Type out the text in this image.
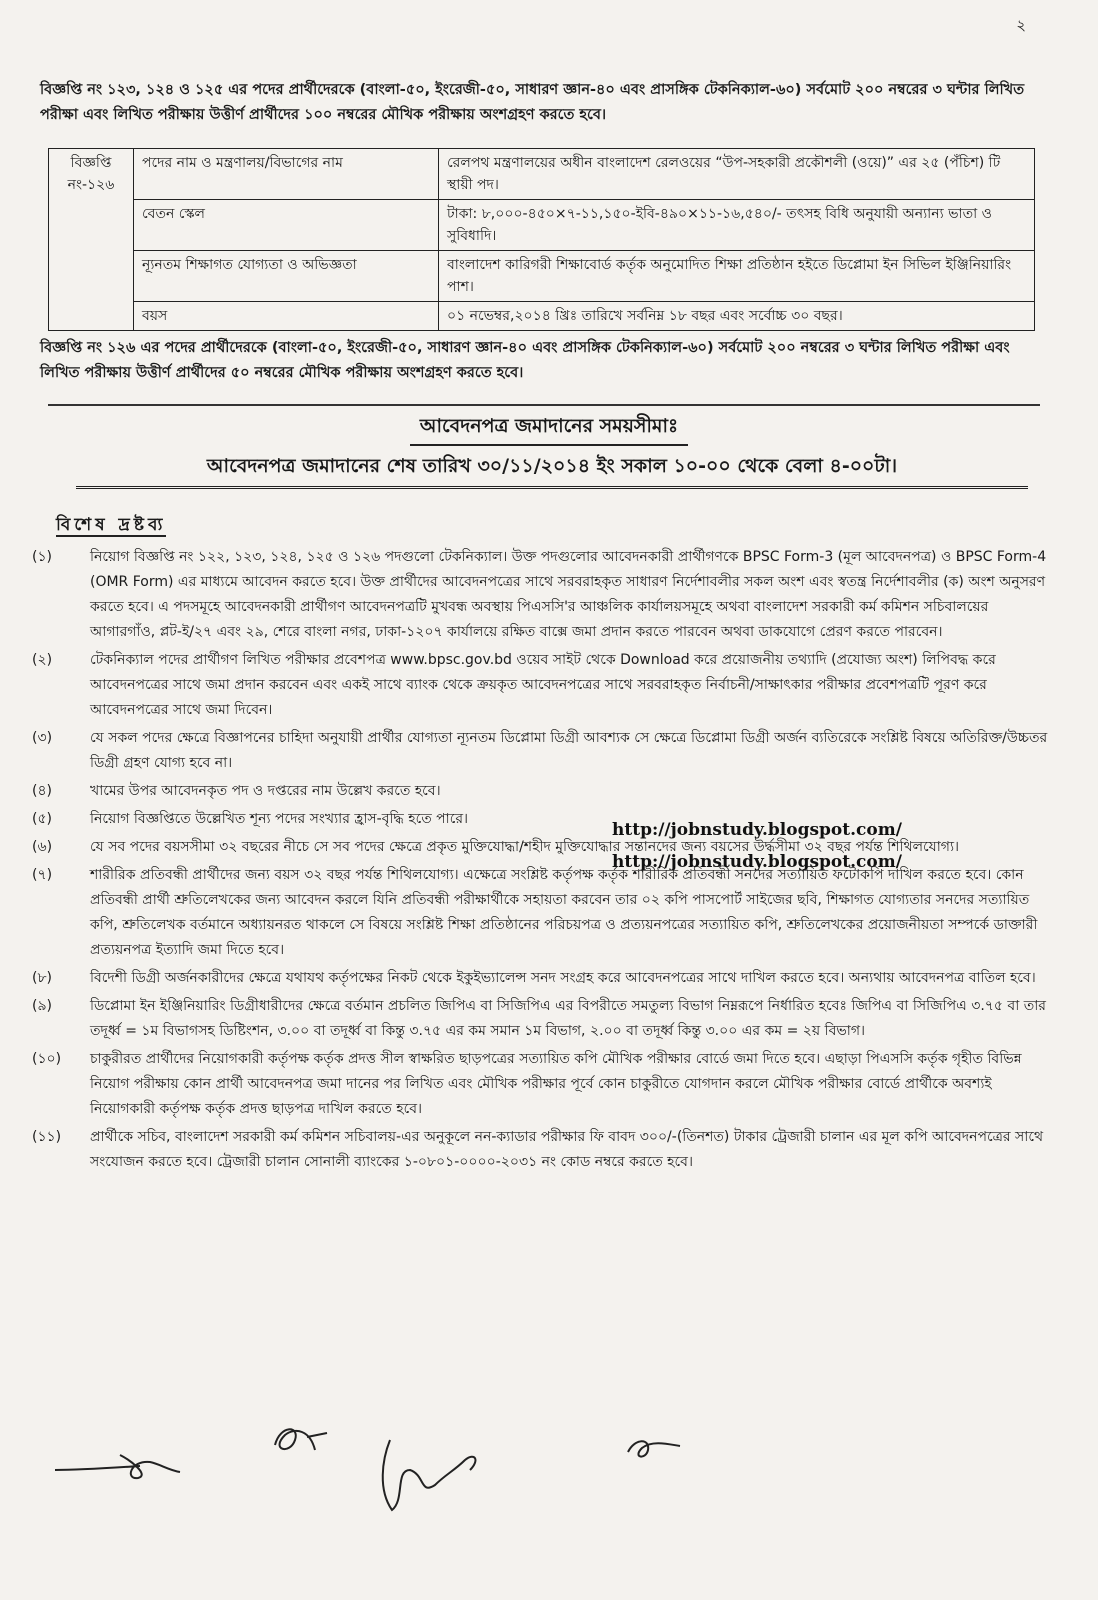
২
বিজ্ঞপ্তি নং ১২৩, ১২৪ ও ১২৫ এর পদের প্রার্থীদেরকে (বাংলা-৫০, ইংরেজী-৫০, সাধারণ জ্ঞান-৪০ এবং প্রাসঙ্গিক টেকনিক্যাল-৬০) সর্বমোট ২০০ নম্বরের ৩ ঘন্টার লিখিত পরীক্ষা এবং লিখিত পরীক্ষায় উত্তীর্ণ প্রার্থীদের ১০০ নম্বরের মৌখিক পরীক্ষায় অংশগ্রহণ করতে হবে।
বিজ্ঞপ্তি নং-১২৬	পদের নাম ও মন্ত্রণালয়/বিভাগের নাম	রেলপথ মন্ত্রণালয়ের অধীন বাংলাদেশ রেলওয়ের “উপ-সহকারী প্রকৌশলী (ওয়ে)” এর ২৫ (পঁচিশ) টি স্থায়ী পদ।
	বেতন স্কেল	টাকা: ৮,০০০-৪৫০×৭-১১,১৫০-ইবি-৪৯০×১১-১৬,৫৪০/- তৎসহ বিধি অনুযায়ী অন্যান্য ভাতা ও সুবিধাদি।
	ন্যূনতম শিক্ষাগত যোগ্যতা ও অভিজ্ঞতা	বাংলাদেশ কারিগরী শিক্ষাবোর্ড কর্তৃক অনুমোদিত শিক্ষা প্রতিষ্ঠান হইতে ডিপ্লোমা ইন সিভিল ইঞ্জিনিয়ারিং পাশ।
	বয়স	০১ নভেম্বর,২০১৪ খ্রিঃ তারিখে সর্বনিম্ন ১৮ বছর এবং সর্বোচ্চ ৩০ বছর।
বিজ্ঞপ্তি নং ১২৬ এর পদের প্রার্থীদেরকে (বাংলা-৫০, ইংরেজী-৫০, সাধারণ জ্ঞান-৪০ এবং প্রাসঙ্গিক টেকনিক্যাল-৬০) সর্বমোট ২০০ নম্বরের ৩ ঘন্টার লিখিত পরীক্ষা এবং লিখিত পরীক্ষায় উত্তীর্ণ প্রার্থীদের ৫০ নম্বরের মৌখিক পরীক্ষায় অংশগ্রহণ করতে হবে।
আবেদনপত্র জমাদানের সময়সীমাঃ
আবেদনপত্র জমাদানের শেষ তারিখ ৩০/১১/২০১৪ ইং সকাল ১০-০০ থেকে বেলা ৪-০০টা।
বিশেষ দ্রষ্টব্য
(১)	নিয়োগ বিজ্ঞপ্তি নং ১২২, ১২৩, ১২৪, ১২৫ ও ১২৬ পদগুলো টেকনিক্যাল। উক্ত পদগুলোর আবেদনকারী প্রার্থীগণকে BPSC Form-3 (মূল আবেদনপত্র) ও BPSC Form-4 (OMR Form) এর মাধ্যমে আবেদন করতে হবে। উক্ত প্রার্থীদের আবেদনপত্রের সাথে সরবরাহকৃত সাধারণ নির্দেশাবলীর সকল অংশ এবং স্বতন্ত্র নির্দেশাবলীর (ক) অংশ অনুসরণ করতে হবে। এ পদসমূহে আবেদনকারী প্রার্থীগণ আবেদনপত্রটি মুখবন্ধ অবস্থায় পিএসসি'র আঞ্চলিক কার্যালয়সমূহে অথবা বাংলাদেশ সরকারী কর্ম কমিশন সচিবালয়ের আগারগাঁও, প্লট-ই/২৭ এবং ২৯, শেরে বাংলা নগর, ঢাকা-১২০৭ কার্যালয়ে রক্ষিত বাক্সে জমা প্রদান করতে পারবেন অথবা ডাকযোগে প্রেরণ করতে পারবেন।
(২)	টেকনিক্যাল পদের প্রার্থীগণ লিখিত পরীক্ষার প্রবেশপত্র www.bpsc.gov.bd ওয়েব সাইট থেকে Download করে প্রয়োজনীয় তথ্যাদি (প্রযোজ্য অংশ) লিপিবদ্ধ করে আবেদনপত্রের সাথে জমা প্রদান করবেন এবং একই সাথে ব্যাংক থেকে ক্রয়কৃত আবেদনপত্রের সাথে সরবরাহকৃত নির্বাচনী/সাক্ষাৎকার পরীক্ষার প্রবেশপত্রটি পূরণ করে আবেদনপত্রের সাথে জমা দিবেন।
(৩)	যে সকল পদের ক্ষেত্রে বিজ্ঞাপনের চাহিদা অনুযায়ী প্রার্থীর যোগ্যতা ন্যূনতম ডিপ্লোমা ডিগ্রী আবশ্যক সে ক্ষেত্রে ডিপ্লোমা ডিগ্রী অর্জন ব্যতিরেকে সংশ্লিষ্ট বিষয়ে অতিরিক্ত/উচ্চতর ডিগ্রী গ্রহণ যোগ্য হবে না।
(৪)	খামের উপর আবেদনকৃত পদ ও দপ্তরের নাম উল্লেখ করতে হবে।
(৫)	নিয়োগ বিজ্ঞপ্তিতে উল্লেখিত শূন্য পদের সংখ্যার হ্রাস-বৃদ্ধি হতে পারে।
(৬)	যে সব পদের বয়সসীমা ৩২ বছরের নীচে সে সব পদের ক্ষেত্রে প্রকৃত মুক্তিযোদ্ধা/শহীদ মুক্তিযোদ্ধার সন্তানদের জন্য বয়সের উর্দ্ধসীমা ৩২ বছর পর্যন্ত শিথিলযোগ্য।
(৭)	শারীরিক প্রতিবন্ধী প্রার্থীদের জন্য বয়স ৩২ বছর পর্যন্ত শিথিলযোগ্য। এক্ষেত্রে সংশ্লিষ্ট কর্তৃপক্ষ কর্তৃক শারীরিক প্রতিবন্ধী সনদের সত্যায়িত ফটোকপি দাখিল করতে হবে। কোন প্রতিবন্ধী প্রার্থী শ্রুতিলেখকের জন্য আবেদন করলে যিনি প্রতিবন্ধী পরীক্ষার্থীকে সহায়তা করবেন তার ০২ কপি পাসপোর্ট সাইজের ছবি, শিক্ষাগত যোগ্যতার সনদের সত্যায়িত কপি, শ্রুতিলেখক বর্তমানে অধ্যায়নরত থাকলে সে বিষয়ে সংশ্লিষ্ট শিক্ষা প্রতিষ্ঠানের পরিচয়পত্র ও প্রত্যয়নপত্রের সত্যায়িত কপি, শ্রুতিলেখকের প্রয়োজনীয়তা সম্পর্কে ডাক্তারী প্রত্যয়নপত্র ইত্যাদি জমা দিতে হবে।
(৮)	বিদেশী ডিগ্রী অর্জনকারীদের ক্ষেত্রে যথাযথ কর্তৃপক্ষের নিকট থেকে ইকুইভ্যালেন্স সনদ সংগ্রহ করে আবেদনপত্রের সাথে দাখিল করতে হবে। অন্যথায় আবেদনপত্র বাতিল হবে।
(৯)	ডিপ্লোমা ইন ইঞ্জিনিয়ারিং ডিগ্রীধারীদের ক্ষেত্রে বর্তমান প্রচলিত জিপিএ বা সিজিপিএ এর বিপরীতে সমতুল্য বিভাগ নিম্নরূপে নির্ধারিত হবেঃ জিপিএ বা সিজিপিএ ৩.৭৫ বা তার তদূর্ধ্ব = ১ম বিভাগসহ ডিষ্টিংশন, ৩.০০ বা তদূর্ধ্ব বা কিন্তু ৩.৭৫ এর কম সমান ১ম বিভাগ, ২.০০ বা তদূর্ধ্ব কিন্তু ৩.০০ এর কম = ২য় বিভাগ।
(১০)	চাকুরীরত প্রার্থীদের নিয়োগকারী কর্তৃপক্ষ কর্তৃক প্রদত্ত সীল স্বাক্ষরিত ছাড়পত্রের সত্যায়িত কপি মৌখিক পরীক্ষার বোর্ডে জমা দিতে হবে। এছাড়া পিএসসি কর্তৃক গৃহীত বিভিন্ন নিয়োগ পরীক্ষায় কোন প্রার্থী আবেদনপত্র জমা দানের পর লিখিত এবং মৌখিক পরীক্ষার পূর্বে কোন চাকুরীতে যোগদান করলে মৌখিক পরীক্ষার বোর্ডে প্রার্থীকে অবশ্যই নিয়োগকারী কর্তৃপক্ষ কর্তৃক প্রদত্ত ছাড়পত্র দাখিল করতে হবে।
(১১)	প্রার্থীকে সচিব, বাংলাদেশ সরকারী কর্ম কমিশন সচিবালয়-এর অনুকূলে নন-ক্যাডার পরীক্ষার ফি বাবদ ৩০০/-(তিনশত) টাকার ট্রেজারী চালান এর মূল কপি আবেদনপত্রের সাথে সংযোজন করতে হবে। ট্রেজারী চালান সোনালী ব্যাংকের ১-০৮০১-০০০০-২০৩১ নং কোড নম্বরে করতে হবে।
http://jobnstudy.blogspot.com/
http://jobnstudy.blogspot.com/
